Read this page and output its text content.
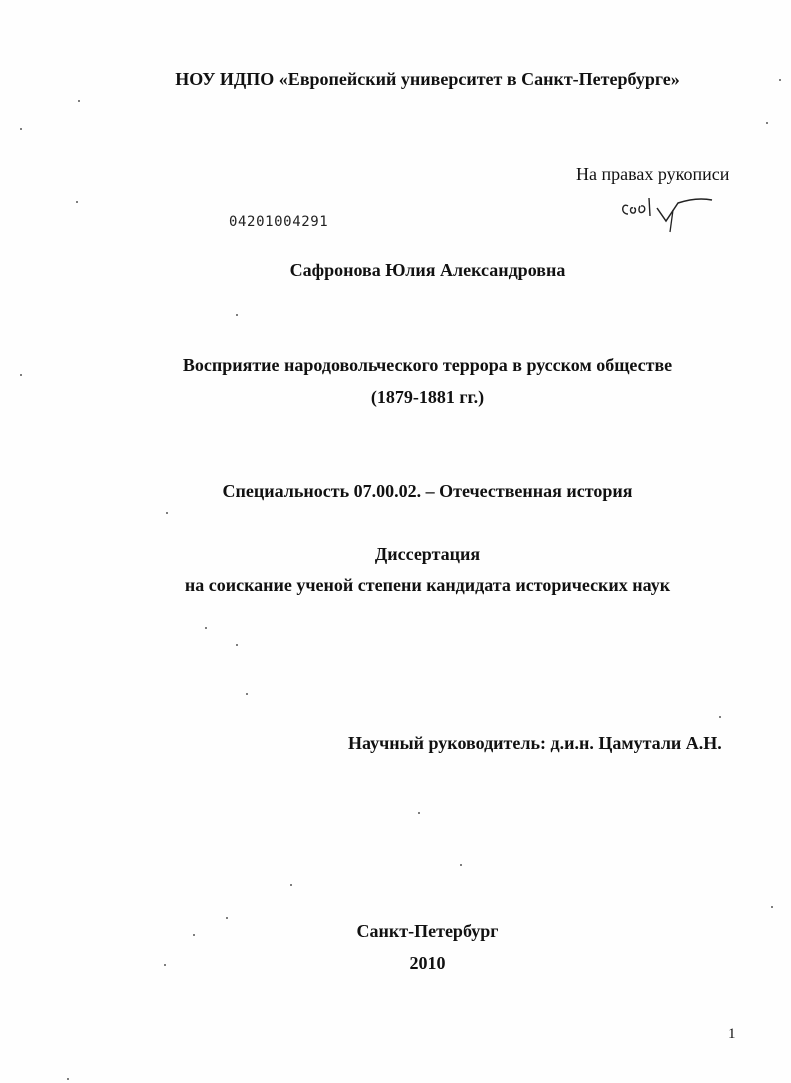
НОУ ИДПО «Европейский университет в Санкт-Петербурге»
На правах рукописи
04201004291
Сафронова Юлия Александровна
Восприятие народовольческого террора в русском обществе
(1879-1881 гг.)
Специальность 07.00.02. – Отечественная история
Диссертация
на соискание ученой степени кандидата исторических наук
Научный руководитель: д.и.н. Цамутали А.Н.
Санкт-Петербург
2010
1
